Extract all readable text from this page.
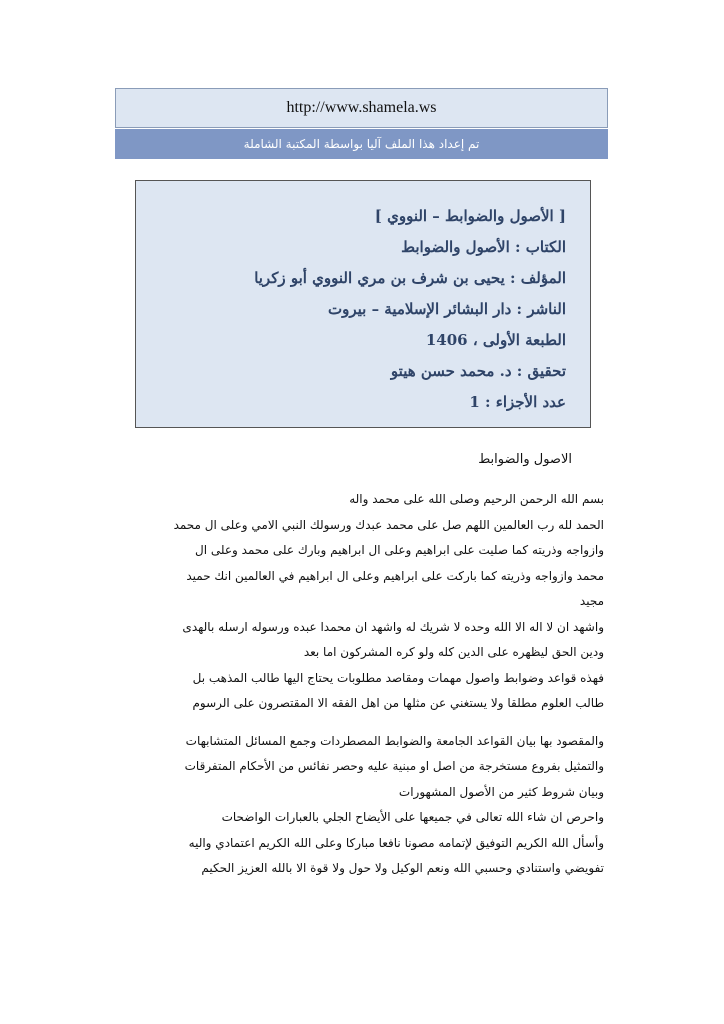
http://www.shamela.ws
تم إعداد هذا الملف آليا بواسطة المكتبة الشاملة
[ الأصول والضوابط – النووي ]
الكتاب : الأصول والضوابط
المؤلف : يحيى بن شرف بن مري النووي أبو زكريا
الناشر : دار البشائر الإسلامية – بيروت
الطبعة الأولى ، 1406
تحقيق : د. محمد حسن هيتو
عدد الأجزاء : 1
الاصول والضوابط
بسم الله الرحمن الرحيم وصلى الله على محمد واله
الحمد لله رب العالمين اللهم صل على محمد عبدك ورسولك النبي الامي وعلى ال محمد
وازواجه وذريته كما صليت على ابراهيم وعلى ال ابراهيم وبارك على محمد وعلى ال
محمد وازواجه وذريته كما باركت على ابراهيم وعلى ال ابراهيم في العالمين انك حميد
مجيد
واشهد ان لا اله الا الله وحده لا شريك له واشهد ان محمدا عبده ورسوله ارسله بالهدى
ودين الحق ليظهره على الدين كله ولو كره المشركون اما بعد
فهذه قواعد وضوابط واصول مهمات ومقاصد مطلوبات يحتاج اليها طالب المذهب بل
طالب العلوم مطلقا ولا يستغني عن مثلها من اهل الفقه الا المقتصرون على الرسوم
والمقصود بها بيان القواعد الجامعة والضوابط المصطردات وجمع المسائل المتشابهات
والتمثيل بفروع مستخرجة من اصل او مبنية عليه وحصر نفائس من الأحكام المتفرقات
وبيان شروط كثير من الأصول المشهورات
واحرص ان شاء الله تعالى في جميعها على الأيضاح الجلي بالعبارات الواضحات
وأسأل الله الكريم التوفيق لإتمامه مصونا نافعا مباركا وعلى الله الكريم اعتمادي واليه
تفويضي واستنادي وحسبي الله ونعم الوكيل ولا حول ولا قوة الا بالله العزيز الحكيم
